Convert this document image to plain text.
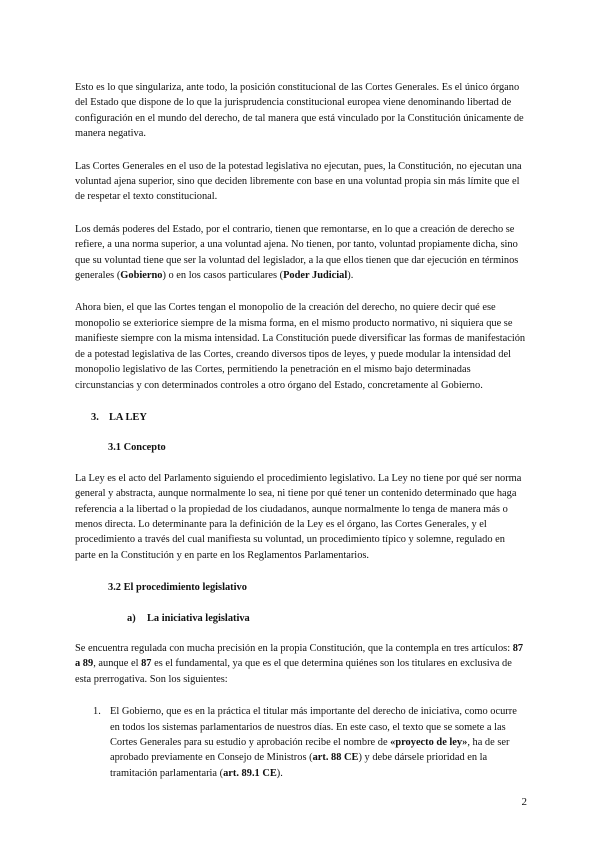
Esto es lo que singulariza, ante todo, la posición constitucional de las Cortes Generales. Es el único órgano del Estado que dispone de lo que la jurisprudencia constitucional europea viene denominando libertad de configuración en el mundo del derecho, de tal manera que está vinculado por la Constitución únicamente de manera negativa.

Las Cortes Generales en el uso de la potestad legislativa no ejecutan, pues, la Constitución, no ejecutan una voluntad ajena superior, sino que deciden libremente con base en una voluntad propia sin más límite que el de respetar el texto constitucional.

Los demás poderes del Estado, por el contrario, tienen que remontarse, en lo que a creación de derecho se refiere, a una norma superior, a una voluntad ajena. No tienen, por tanto, voluntad propiamente dicha, sino que su voluntad tiene que ser la voluntad del legislador, a la que ellos tienen que dar ejecución en términos generales (Gobierno) o en los casos particulares (Poder Judicial).

Ahora bien, el que las Cortes tengan el monopolio de la creación del derecho, no quiere decir qué ese monopolio se exteriorice siempre de la misma forma, en el mismo producto normativo, ni siquiera que se manifieste siempre con la misma intensidad. La Constitución puede diversificar las formas de manifestación de a potestad legislativa de las Cortes, creando diversos tipos de leyes, y puede modular la intensidad del monopolio legislativo de las Cortes, permitiendo la penetración en el mismo bajo determinadas circunstancias y con determinados controles a otro órgano del Estado, concretamente al Gobierno.

3. LA LEY

3.1 Concepto

La Ley es el acto del Parlamento siguiendo el procedimiento legislativo. La Ley no tiene por qué ser norma general y abstracta, aunque normalmente lo sea, ni tiene por qué tener un contenido determinado que haga referencia a la libertad o la propiedad de los ciudadanos, aunque normalmente lo tenga de manera más o menos directa. Lo determinante para la definición de la Ley es el órgano, las Cortes Generales, y el procedimiento a través del cual manifiesta su voluntad, un procedimiento típico y solemne, regulado en parte en la Constitución y en parte en los Reglamentos Parlamentarios.

3.2 El procedimiento legislativo

a) La iniciativa legislativa

Se encuentra regulada con mucha precisión en la propia Constitución, que la contempla en tres artículos: 87 a 89, aunque el 87 es el fundamental, ya que es el que determina quiénes son los titulares en exclusiva de esta prerrogativa. Son los siguientes:

1. El Gobierno, que es en la práctica el titular más importante del derecho de iniciativa, como ocurre en todos los sistemas parlamentarios de nuestros días. En este caso, el texto que se somete a las Cortes Generales para su estudio y aprobación recibe el nombre de «proyecto de ley», ha de ser aprobado previamente en Consejo de Ministros (art. 88 CE) y debe dársele prioridad en la tramitación parlamentaria (art. 89.1 CE).

2
